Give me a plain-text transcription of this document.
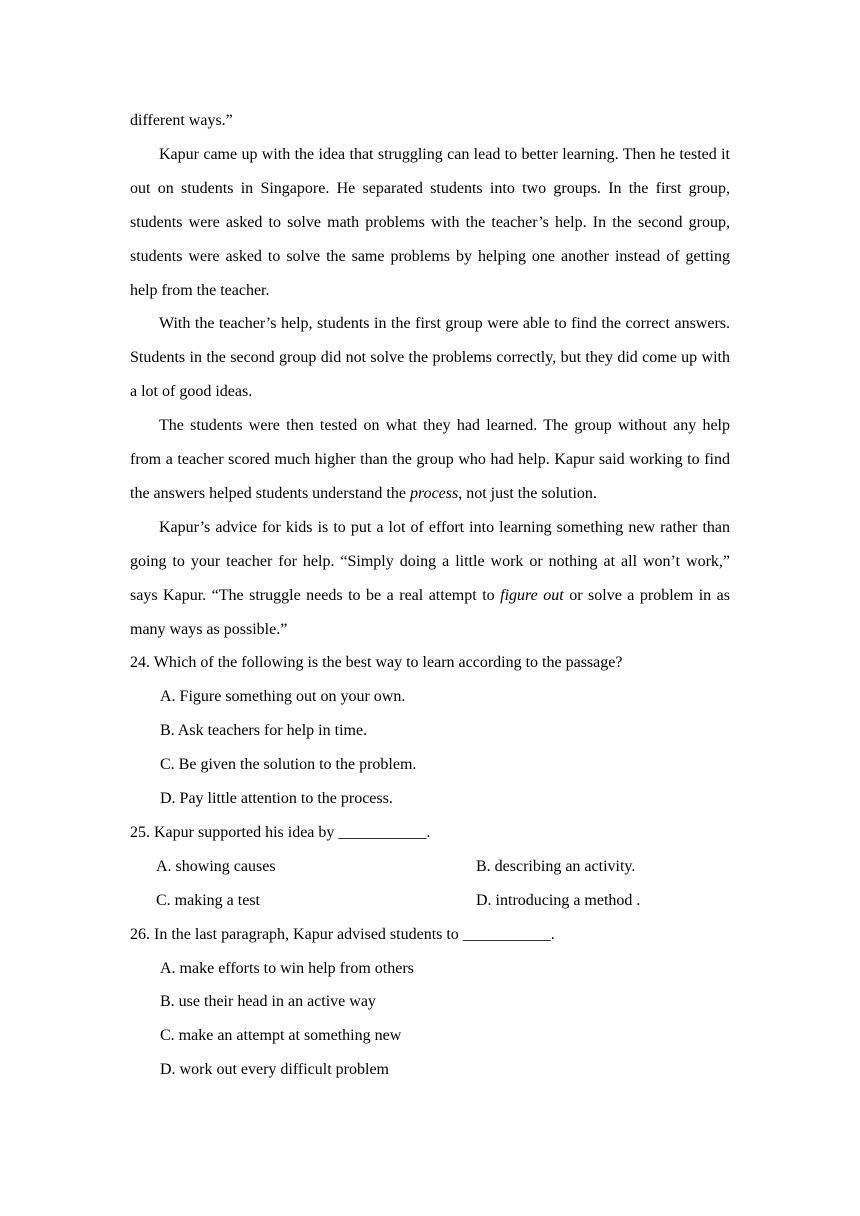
different ways.”

Kapur came up with the idea that struggling can lead to better learning. Then he tested it out on students in Singapore. He separated students into two groups. In the first group, students were asked to solve math problems with the teacher’s help. In the second group, students were asked to solve the same problems by helping one another instead of getting help from the teacher.

With the teacher’s help, students in the first group were able to find the correct answers. Students in the second group did not solve the problems correctly, but they did come up with a lot of good ideas.

The students were then tested on what they had learned. The group without any help from a teacher scored much higher than the group who had help. Kapur said working to find the answers helped students understand the process, not just the solution.

Kapur’s advice for kids is to put a lot of effort into learning something new rather than going to your teacher for help. “Simply doing a little work or nothing at all won’t work,” says Kapur. “The struggle needs to be a real attempt to figure out or solve a problem in as many ways as possible.”

24. Which of the following is the best way to learn according to the passage?
A. Figure something out on your own.
B. Ask teachers for help in time.
C. Be given the solution to the problem.
D. Pay little attention to the process.
25. Kapur supported his idea by ___________.
A. showing causes	B. describing an activity.
C. making a test	D. introducing a method .
26. In the last paragraph, Kapur advised students to ___________.
A. make efforts to win help from others
B. use their head in an active way
C. make an attempt at something new
D. work out every difficult problem
